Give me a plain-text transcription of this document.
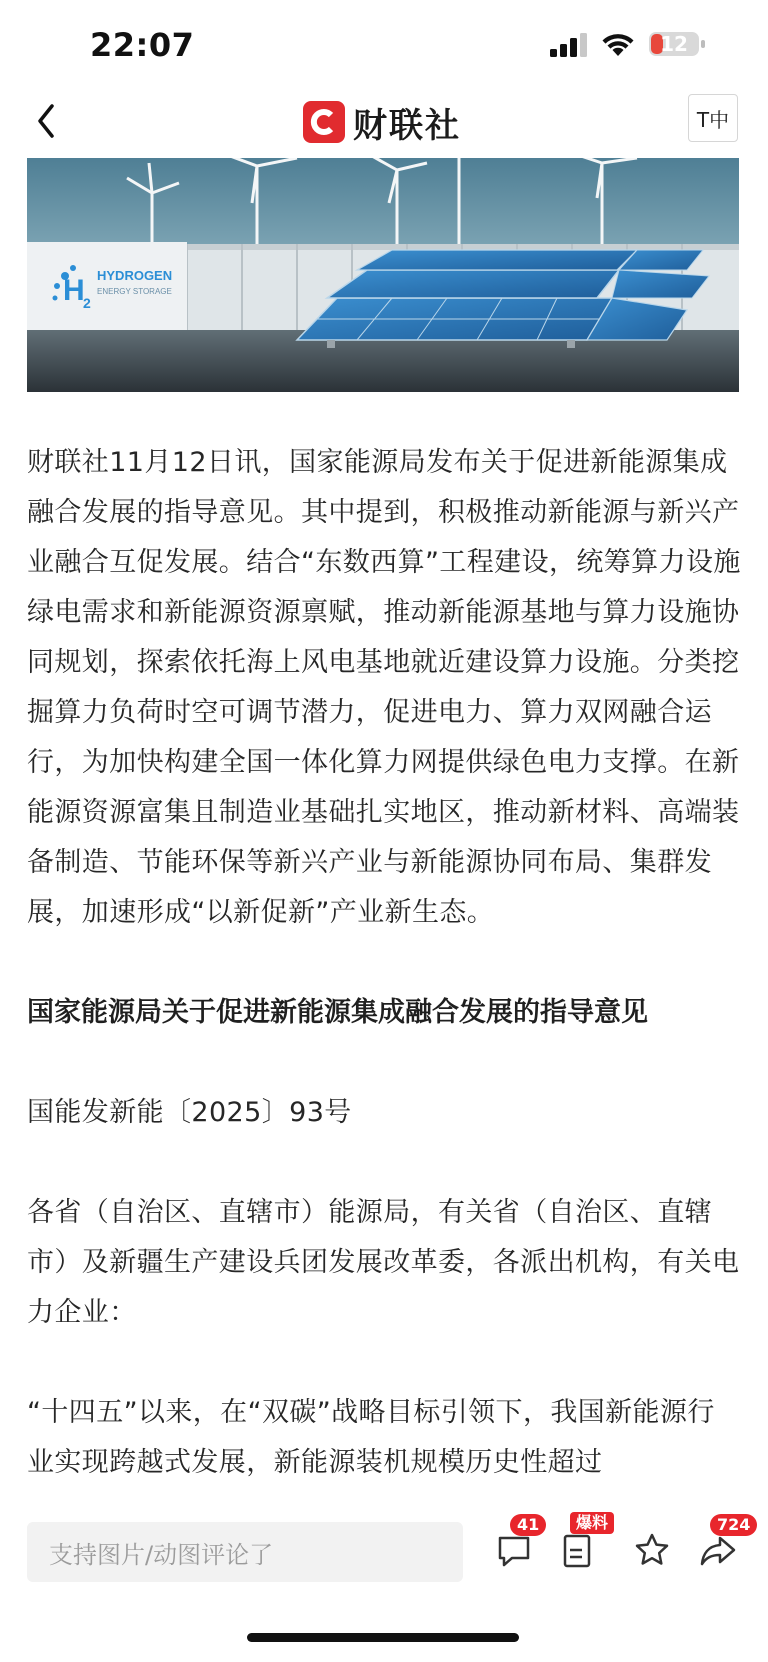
22:07	12
财联社	T中
H
2
HYDROGEN
ENERGY STORAGE

财联社11月12日讯，国家能源局发布关于促进新能源集成融合发展的指导意见。其中提到，积极推动新能源与新兴产业融合互促发展。结合“东数西算”工程建设，统筹算力设施绿电需求和新能源资源禀赋，推动新能源基地与算力设施协同规划，探索依托海上风电基地就近建设算力设施。分类挖掘算力负荷时空可调节潜力，促进电力、算力双网融合运行，为加快构建全国一体化算力网提供绿色电力支撑。在新能源资源富集且制造业基础扎实地区，推动新材料、高端装备制造、节能环保等新兴产业与新能源协同布局、集群发展，加速形成“以新促新”产业新生态。

国家能源局关于促进新能源集成融合发展的指导意见

国能发新能〔2025〕93号

各省（自治区、直辖市）能源局，有关省（自治区、直辖市）及新疆生产建设兵团发展改革委，各派出机构，有关电力企业：

“十四五”以来，在“双碳”战略目标引领下，我国新能源行业实现跨越式发展，新能源装机规模历史性超过

支持图片/动图评论了
41	爆料	724
